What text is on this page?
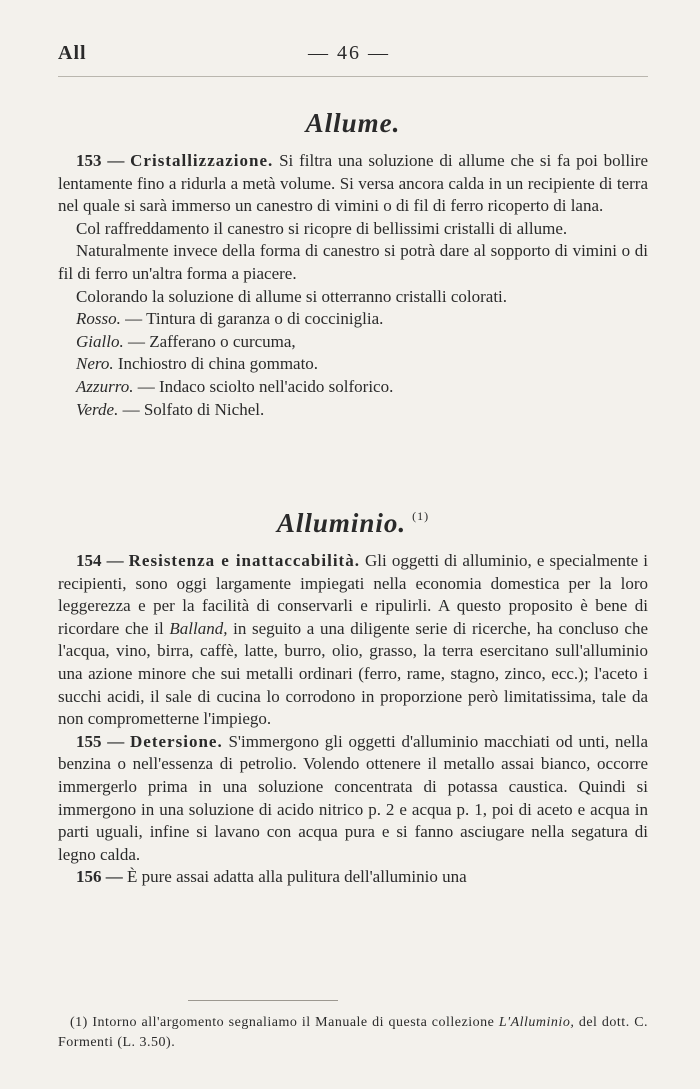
All	— 46 —
Allume.

153 — Cristallizzazione. Si filtra una soluzione di allume che si fa poi bollire lentamente fino a ridurla a metà volume. Si versa ancora calda in un recipiente di terra nel quale si sarà immerso un canestro di vimini o di fil di ferro ricoperto di lana.

Col raffreddamento il canestro si ricopre di bellissimi cristalli di allume.

Naturalmente invece della forma di canestro si potrà dare al sopporto di vimini o di fil di ferro un'altra forma a piacere.

Colorando la soluzione di allume si otterranno cristalli colorati.

Rosso. — Tintura di garanza o di cocciniglia.

Giallo. — Zafferano o curcuma,

Nero. Inchiostro di china gommato.

Azzurro. — Indaco sciolto nell'acido solforico.

Verde. — Solfato di Nichel.

Alluminio. $^{(1)}$

154 — Resistenza e inattaccabilità. Gli oggetti di alluminio, e specialmente i recipienti, sono oggi largamente impiegati nella economia domestica per la loro leggerezza e per la facilità di conservarli e ripulirli. A questo proposito è bene di ricordare che il Balland, in seguito a una diligente serie di ricerche, ha concluso che l'acqua, vino, birra, caffè, latte, burro, olio, grasso, la terra esercitano sull'alluminio una azione minore che sui metalli ordinari (ferro, rame, stagno, zinco, ecc.); l'aceto i succhi acidi, il sale di cucina lo corrodono in proporzione però limitatissima, tale da non comprometterne l'impiego.

155 — Detersione. S'immergono gli oggetti d'alluminio macchiati od unti, nella benzina o nell'essenza di petrolio. Volendo ottenere il metallo assai bianco, occorre immergerlo prima in una soluzione concentrata di potassa caustica. Quindi si immergono in una soluzione di acido nitrico p. 2 e acqua p. 1, poi di aceto e acqua in parti uguali, infine si lavano con acqua pura e si fanno asciugare nella segatura di legno calda.

156 — È pure assai adatta alla pulitura dell'alluminio una

(1) Intorno all'argomento segnaliamo il Manuale di questa collezione L'Alluminio, del dott. C. Formenti (L. 3.50).
